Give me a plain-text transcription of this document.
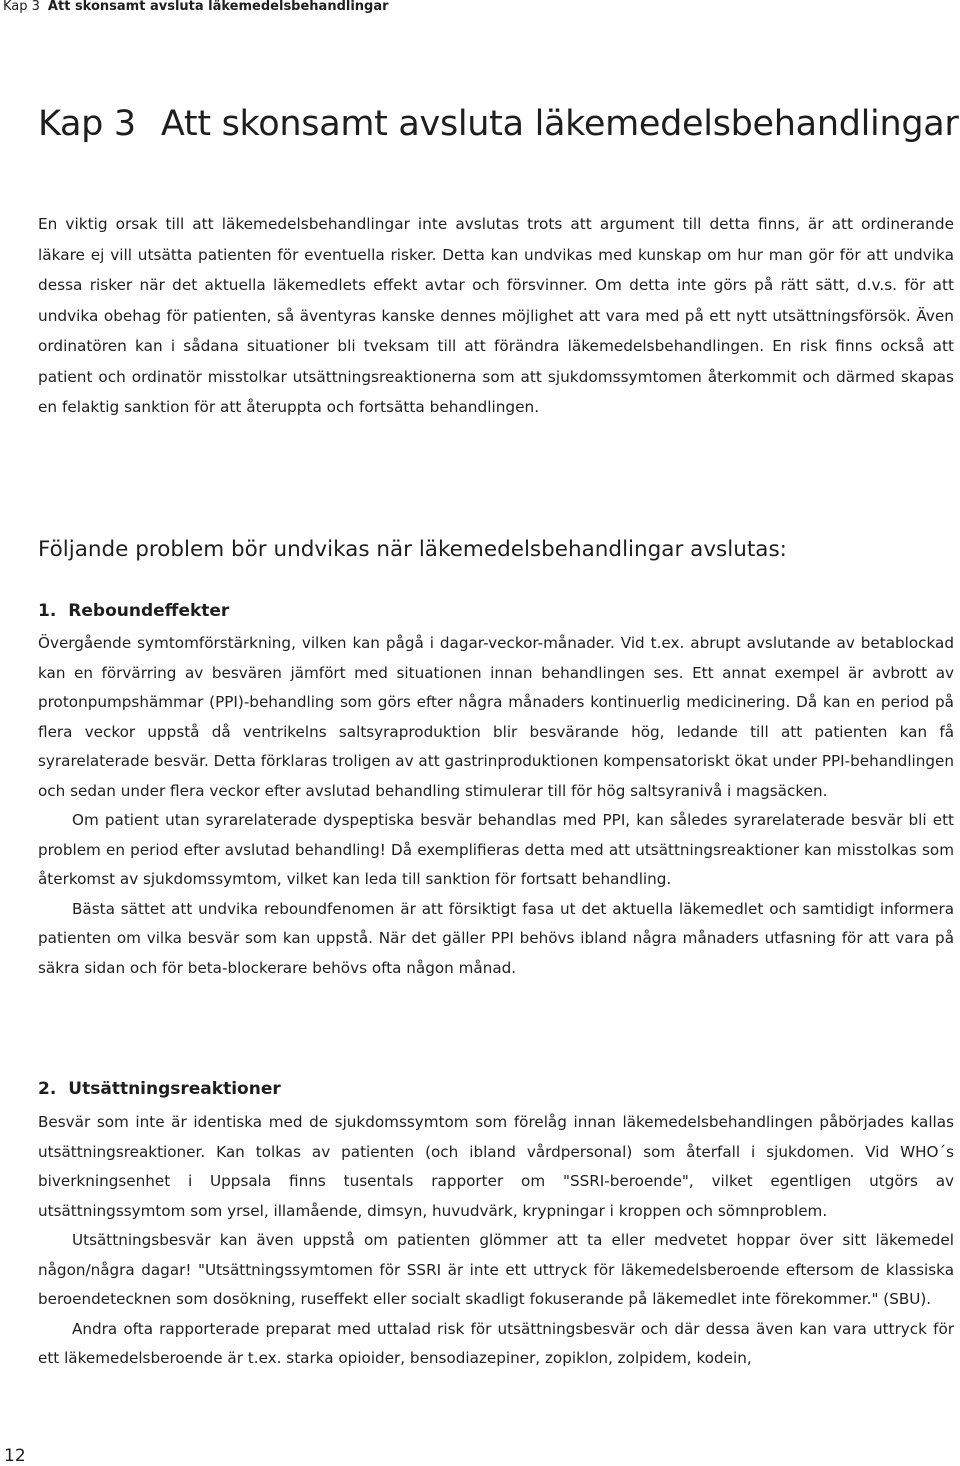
Kap 3 Att skonsamt avsluta läkemedelsbehandlingar
Kap 3 Att skonsamt avsluta läkemedelsbehandlingar

En viktig orsak till att läkemedelsbehandlingar inte avslutas trots att argument till detta finns, är att ordinerande läkare ej vill utsätta patienten för eventuella risker. Detta kan undvikas med kunskap om hur man gör för att undvika dessa risker när det aktuella läkemedlets effekt avtar och försvinner. Om detta inte görs på rätt sätt, d.v.s. för att undvika obehag för patienten, så äventyras kanske dennes möjlighet att vara med på ett nytt utsättningsförsök. Även ordinatören kan i sådana situationer bli tveksam till att förändra läkemedelsbehandlingen. En risk finns också att patient och ordinatör misstolkar utsättningsreaktionerna som att sjukdomssymtomen återkommit och därmed skapas en felaktig sanktion för att återuppta och fortsätta behandlingen.

Följande problem bör undvikas när läkemedelsbehandlingar avslutas:
1. Reboundeffekter

Övergående symtomförstärkning, vilken kan pågå i dagar-veckor-månader. Vid t.ex. abrupt avslutande av betablockad kan en förvärring av besvären jämfört med situationen innan behandlingen ses. Ett annat exempel är avbrott av protonpumpshämmar (PPI)-behandling som görs efter några månaders kontinuerlig medicinering. Då kan en period på flera veckor uppstå då ventrikelns saltsyraproduktion blir besvärande hög, ledande till att patienten kan få syrarelaterade besvär. Detta förklaras troligen av att gastrinproduktionen kompensatoriskt ökat under PPI-behandlingen och sedan under flera veckor efter avslutad behandling stimulerar till för hög saltsyranivå i magsäcken.

Om patient utan syrarelaterade dyspeptiska besvär behandlas med PPI, kan således syrarelaterade besvär bli ett problem en period efter avslutad behandling! Då exemplifieras detta med att utsättningsreaktioner kan misstolkas som återkomst av sjukdomssymtom, vilket kan leda till sanktion för fortsatt behandling.

Bästa sättet att undvika reboundfenomen är att försiktigt fasa ut det aktuella läkemedlet och samtidigt informera patienten om vilka besvär som kan uppstå. När det gäller PPI behövs ibland några månaders utfasning för att vara på säkra sidan och för beta-blockerare behövs ofta någon månad.

2. Utsättningsreaktioner

Besvär som inte är identiska med de sjukdomssymtom som förelåg innan läkemedelsbehandlingen påbörjades kallas utsättningsreaktioner. Kan tolkas av patienten (och ibland vårdpersonal) som återfall i sjukdomen. Vid WHO´s biverkningsenhet i Uppsala finns tusentals rapporter om "SSRI-beroende", vilket egentligen utgörs av utsättningssymtom som yrsel, illamående, dimsyn, huvudvärk, krypningar i kroppen och sömnproblem.

Utsättningsbesvär kan även uppstå om patienten glömmer att ta eller medvetet hoppar över sitt läkemedel någon/några dagar! "Utsättningssymtomen för SSRI är inte ett uttryck för läkemedelsberoende eftersom de klassiska beroendetecknen som dosökning, ruseffekt eller socialt skadligt fokuserande på läkemedlet inte förekommer." (SBU).

Andra ofta rapporterade preparat med uttalad risk för utsättningsbesvär och där dessa även kan vara uttryck för ett läkemedelsberoende är t.ex. starka opioider, bensodiazepiner, zopiklon, zolpidem, kodein,

12
